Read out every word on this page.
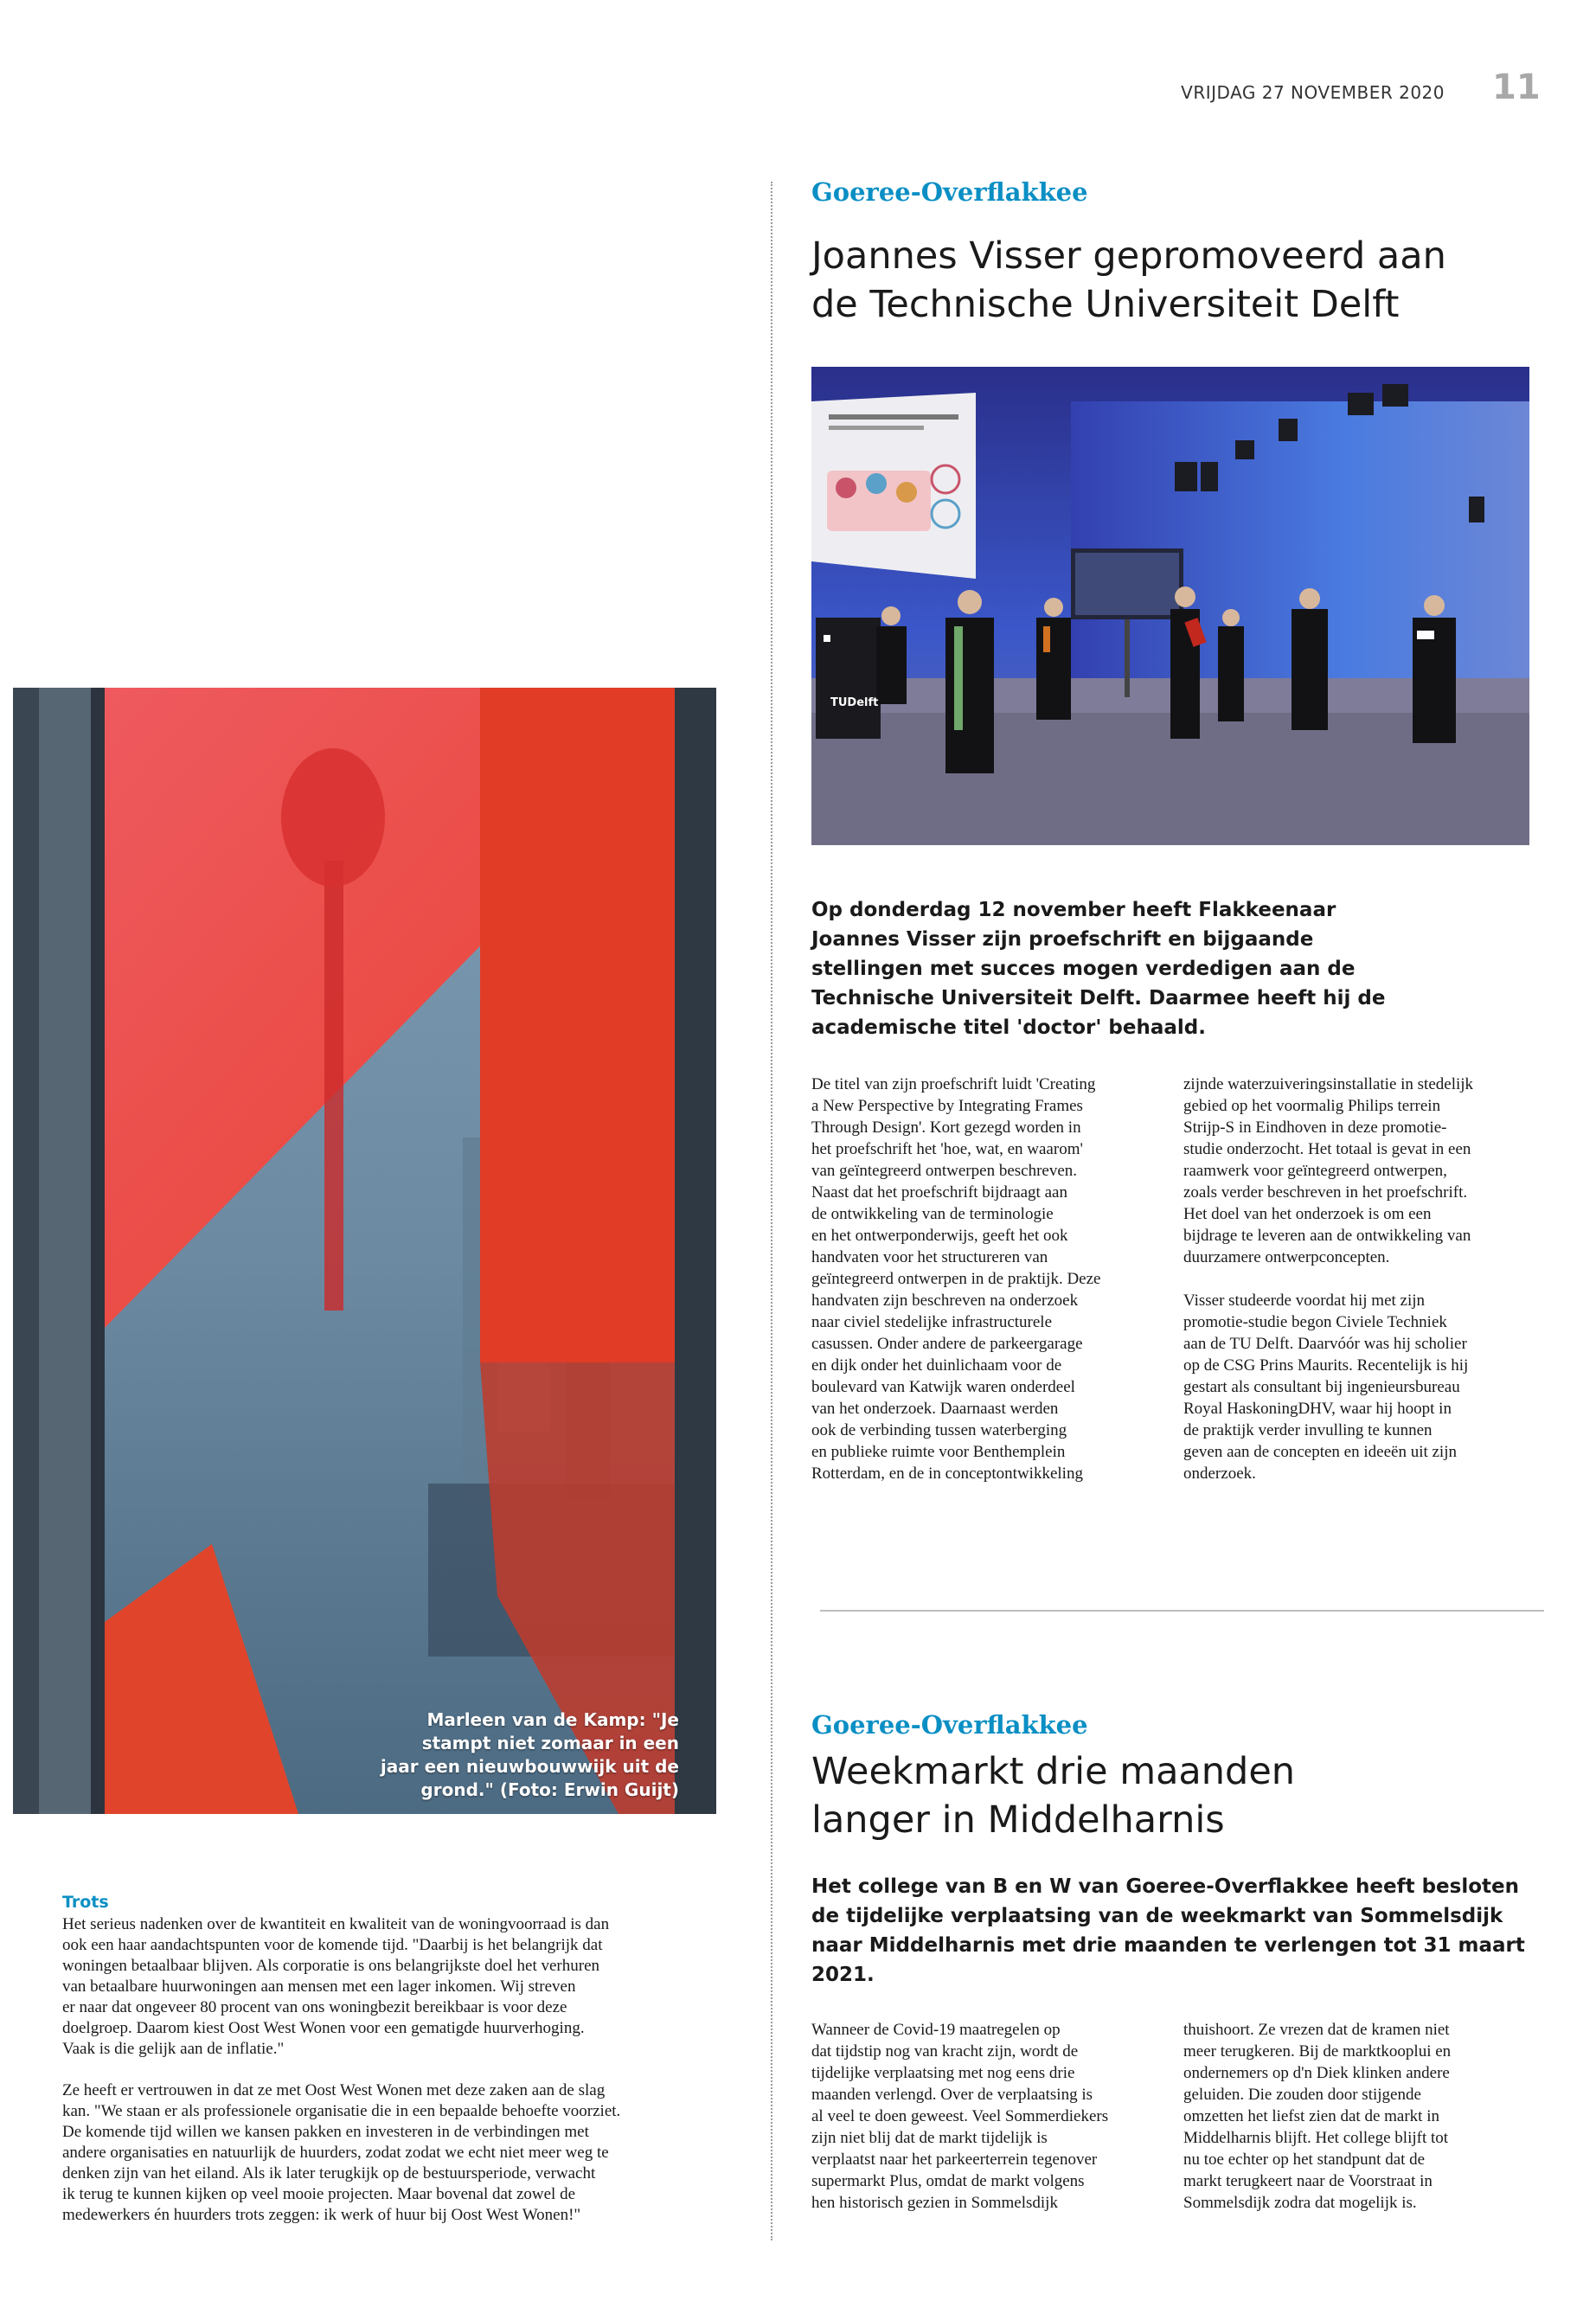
VRIJDAG 27 NOVEMBER 2020 11
Goeree-Overflakkee
Joannes Visser gepromoveerd aan
de Technische Universiteit Delft
TUDelft

Op donderdag 12 november heeft Flakkeenaar
Joannes Visser zijn proefschrift en bijgaande
stellingen met succes mogen verdedigen aan de
Technische Universiteit Delft. Daarmee heeft hij de
academische titel 'doctor' behaald.

De titel van zijn proefschrift luidt 'Creating
a New Perspective by Integrating Frames
Through Design'. Kort gezegd worden in
het proefschrift het 'hoe, wat, en waarom'
van geïntegreerd ontwerpen beschreven.
Naast dat het proefschrift bijdraagt aan
de ontwikkeling van de terminologie
en het ontwerponderwijs, geeft het ook
handvaten voor het structureren van
geïntegreerd ontwerpen in de praktijk. Deze
handvaten zijn beschreven na onderzoek
naar civiel stedelijke infrastructurele
casussen. Onder andere de parkeergarage
en dijk onder het duinlichaam voor de
boulevard van Katwijk waren onderdeel
van het onderzoek. Daarnaast werden
ook de verbinding tussen waterberging
en publieke ruimte voor Benthemplein
Rotterdam, en de in conceptontwikkeling

zijnde waterzuiveringsinstallatie in stedelijk
gebied op het voormalig Philips terrein
Strijp-S in Eindhoven in deze promotie-
studie onderzocht. Het totaal is gevat in een
raamwerk voor geïntegreerd ontwerpen,
zoals verder beschreven in het proefschrift.
Het doel van het onderzoek is om een
bijdrage te leveren aan de ontwikkeling van
duurzamere ontwerpconcepten.

Visser studeerde voordat hij met zijn
promotie-studie begon Civiele Techniek
aan de TU Delft. Daarvóór was hij scholier
op de CSG Prins Maurits. Recentelijk is hij
gestart als consultant bij ingenieursbureau
Royal HaskoningDHV, waar hij hoopt in
de praktijk verder invulling te kunnen
geven aan de concepten en ideeën uit zijn
onderzoek.

Goeree-Overflakkee
Weekmarkt drie maanden
langer in Middelharnis

Het college van B en W van Goeree-Overflakkee heeft besloten
de tijdelijke verplaatsing van de weekmarkt van Sommelsdijk
naar Middelharnis met drie maanden te verlengen tot 31 maart
2021.

Wanneer de Covid-19 maatregelen op
dat tijdstip nog van kracht zijn, wordt de
tijdelijke verplaatsing met nog eens drie
maanden verlengd. Over de verplaatsing is
al veel te doen geweest. Veel Sommerdiekers
zijn niet blij dat de markt tijdelijk is
verplaatst naar het parkeerterrein tegenover
supermarkt Plus, omdat de markt volgens
hen historisch gezien in Sommelsdijk

thuishoort. Ze vrezen dat de kramen niet
meer terugkeren. Bij de marktkooplui en
ondernemers op d'n Diek klinken andere
geluiden. Die zouden door stijgende
omzetten het liefst zien dat de markt in
Middelharnis blijft. Het college blijft tot
nu toe echter op het standpunt dat de
markt terugkeert naar de Voorstraat in
Sommelsdijk zodra dat mogelijk is.

Marleen van de Kamp: "Je
stampt niet zomaar in een
jaar een nieuwbouwwijk uit de
grond." (Foto: Erwin Guijt)
Trots

Het serieus nadenken over de kwantiteit en kwaliteit van de woningvoorraad is dan
ook een haar aandachtspunten voor de komende tijd. "Daarbij is het belangrijk dat
woningen betaalbaar blijven. Als corporatie is ons belangrijkste doel het verhuren
van betaalbare huurwoningen aan mensen met een lager inkomen. Wij streven
er naar dat ongeveer 80 procent van ons woningbezit bereikbaar is voor deze
doelgroep. Daarom kiest Oost West Wonen voor een gematigde huurverhoging.
Vaak is die gelijk aan de inflatie."

Ze heeft er vertrouwen in dat ze met Oost West Wonen met deze zaken aan de slag
kan. "We staan er als professionele organisatie die in een bepaalde behoefte voorziet.
De komende tijd willen we kansen pakken en investeren in de verbindingen met
andere organisaties en natuurlijk de huurders, zodat zodat we echt niet meer weg te
denken zijn van het eiland. Als ik later terugkijk op de bestuursperiode, verwacht
ik terug te kunnen kijken op veel mooie projecten. Maar bovenal dat zowel de
medewerkers én huurders trots zeggen: ik werk of huur bij Oost West Wonen!"
